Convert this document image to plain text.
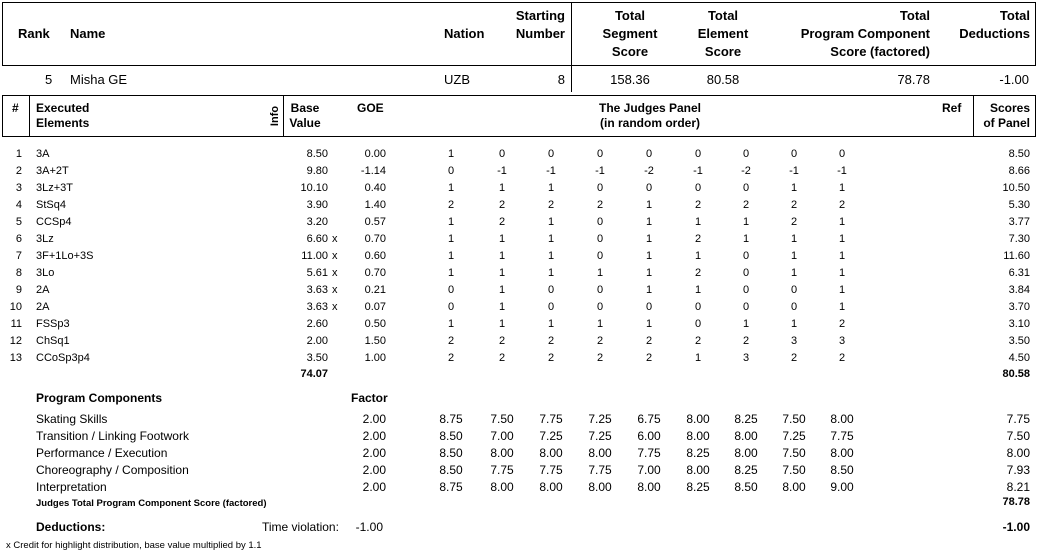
Rank Name	Nation
Starting
Number
Total
Segment
Score
Total
Element
Score
Total
Program Component
Score (factored)
Total
Deductions
5 Misha GE	UZB	8	158.36	80.58	78.78	-1.00
# Executed
Elements	Info Base
Value
GOE	The Judges Panel
(in random order)
Ref	Scores
of Panel
1 3A	8.50	0.00	1	0	0	0	0	0	0	0	0	8.50
2 3A+2T	9.80	-1.14	0	-1	-1	-1	-2	-1	-2	-1	-1	8.66
3 3Lz+3T	10.10	0.40	1	1	1	0	0	0	0	1	1	10.50
4 StSq4	3.90	1.40	2	2	2	2	1	2	2	2	2	5.30
5 CCSp4	3.20	0.57	1	2	1	0	1	1	1	2	1	3.77
6 3Lz	6.60 x	0.70	1	1	1	0	1	2	1	1	1	7.30
7 3F+1Lo+3S	11.00 x	0.60	1	1	1	0	1	1	0	1	1	11.60
8 3Lo	5.61 x	0.70	1	1	1	1	1	2	0	1	1	6.31
9 2A	3.63 x	0.21	0	1	0	0	1	1	0	0	1	3.84
10 2A	3.63 x	0.07	0	1	0	0	0	0	0	0	1	3.70
11 FSSp3	2.60	0.50	1	1	1	1	1	0	1	1	2	3.10
12 ChSq1	2.00	1.50	2	2	2	2	2	2	2	3	3	3.50
13 CCoSp3p4	3.50	1.00	2	2	2	2	2	1	3	2	2	4.50
74.07	80.58
Program Components	Factor
Skating Skills	2.00	8.75	7.50	7.75	7.25	6.75	8.00	8.25	7.50	8.00	7.75
Transition / Linking Footwork	2.00	8.50	7.00	7.25	7.25	6.00	8.00	8.00	7.25	7.75	7.50
Performance / Execution	2.00	8.50	8.00	8.00	8.00	7.75	8.25	8.00	7.50	8.00	8.00
Choreography / Composition	2.00	8.50	7.75	7.75	7.75	7.00	8.00	8.25	7.50	8.50	7.93
Interpretation	2.00	8.75	8.00	8.00	8.00	8.00	8.25	8.50	8.00	9.00	8.21
Judges Total Program Component Score (factored)	78.78
Deductions:	Time violation:	-1.00	-1.00
x Credit for highlight distribution, base value multiplied by 1.1
